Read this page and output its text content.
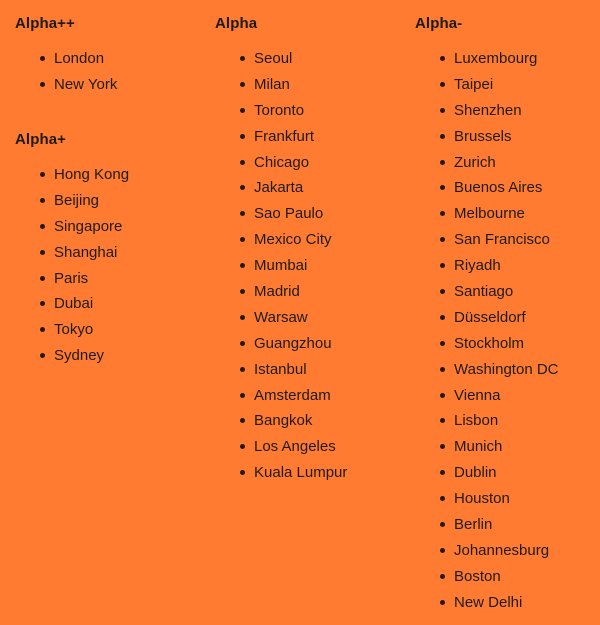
Alpha++
London
New York
Alpha+
Hong Kong
Beijing
Singapore
Shanghai
Paris
Dubai
Tokyo
Sydney
Alpha
Seoul
Milan
Toronto
Frankfurt
Chicago
Jakarta
Sao Paulo
Mexico City
Mumbai
Madrid
Warsaw
Guangzhou
Istanbul
Amsterdam
Bangkok
Los Angeles
Kuala Lumpur
Alpha-
Luxembourg
Taipei
Shenzhen
Brussels
Zurich
Buenos Aires
Melbourne
San Francisco
Riyadh
Santiago
Düsseldorf
Stockholm
Washington DC
Vienna
Lisbon
Munich
Dublin
Houston
Berlin
Johannesburg
Boston
New Delhi
